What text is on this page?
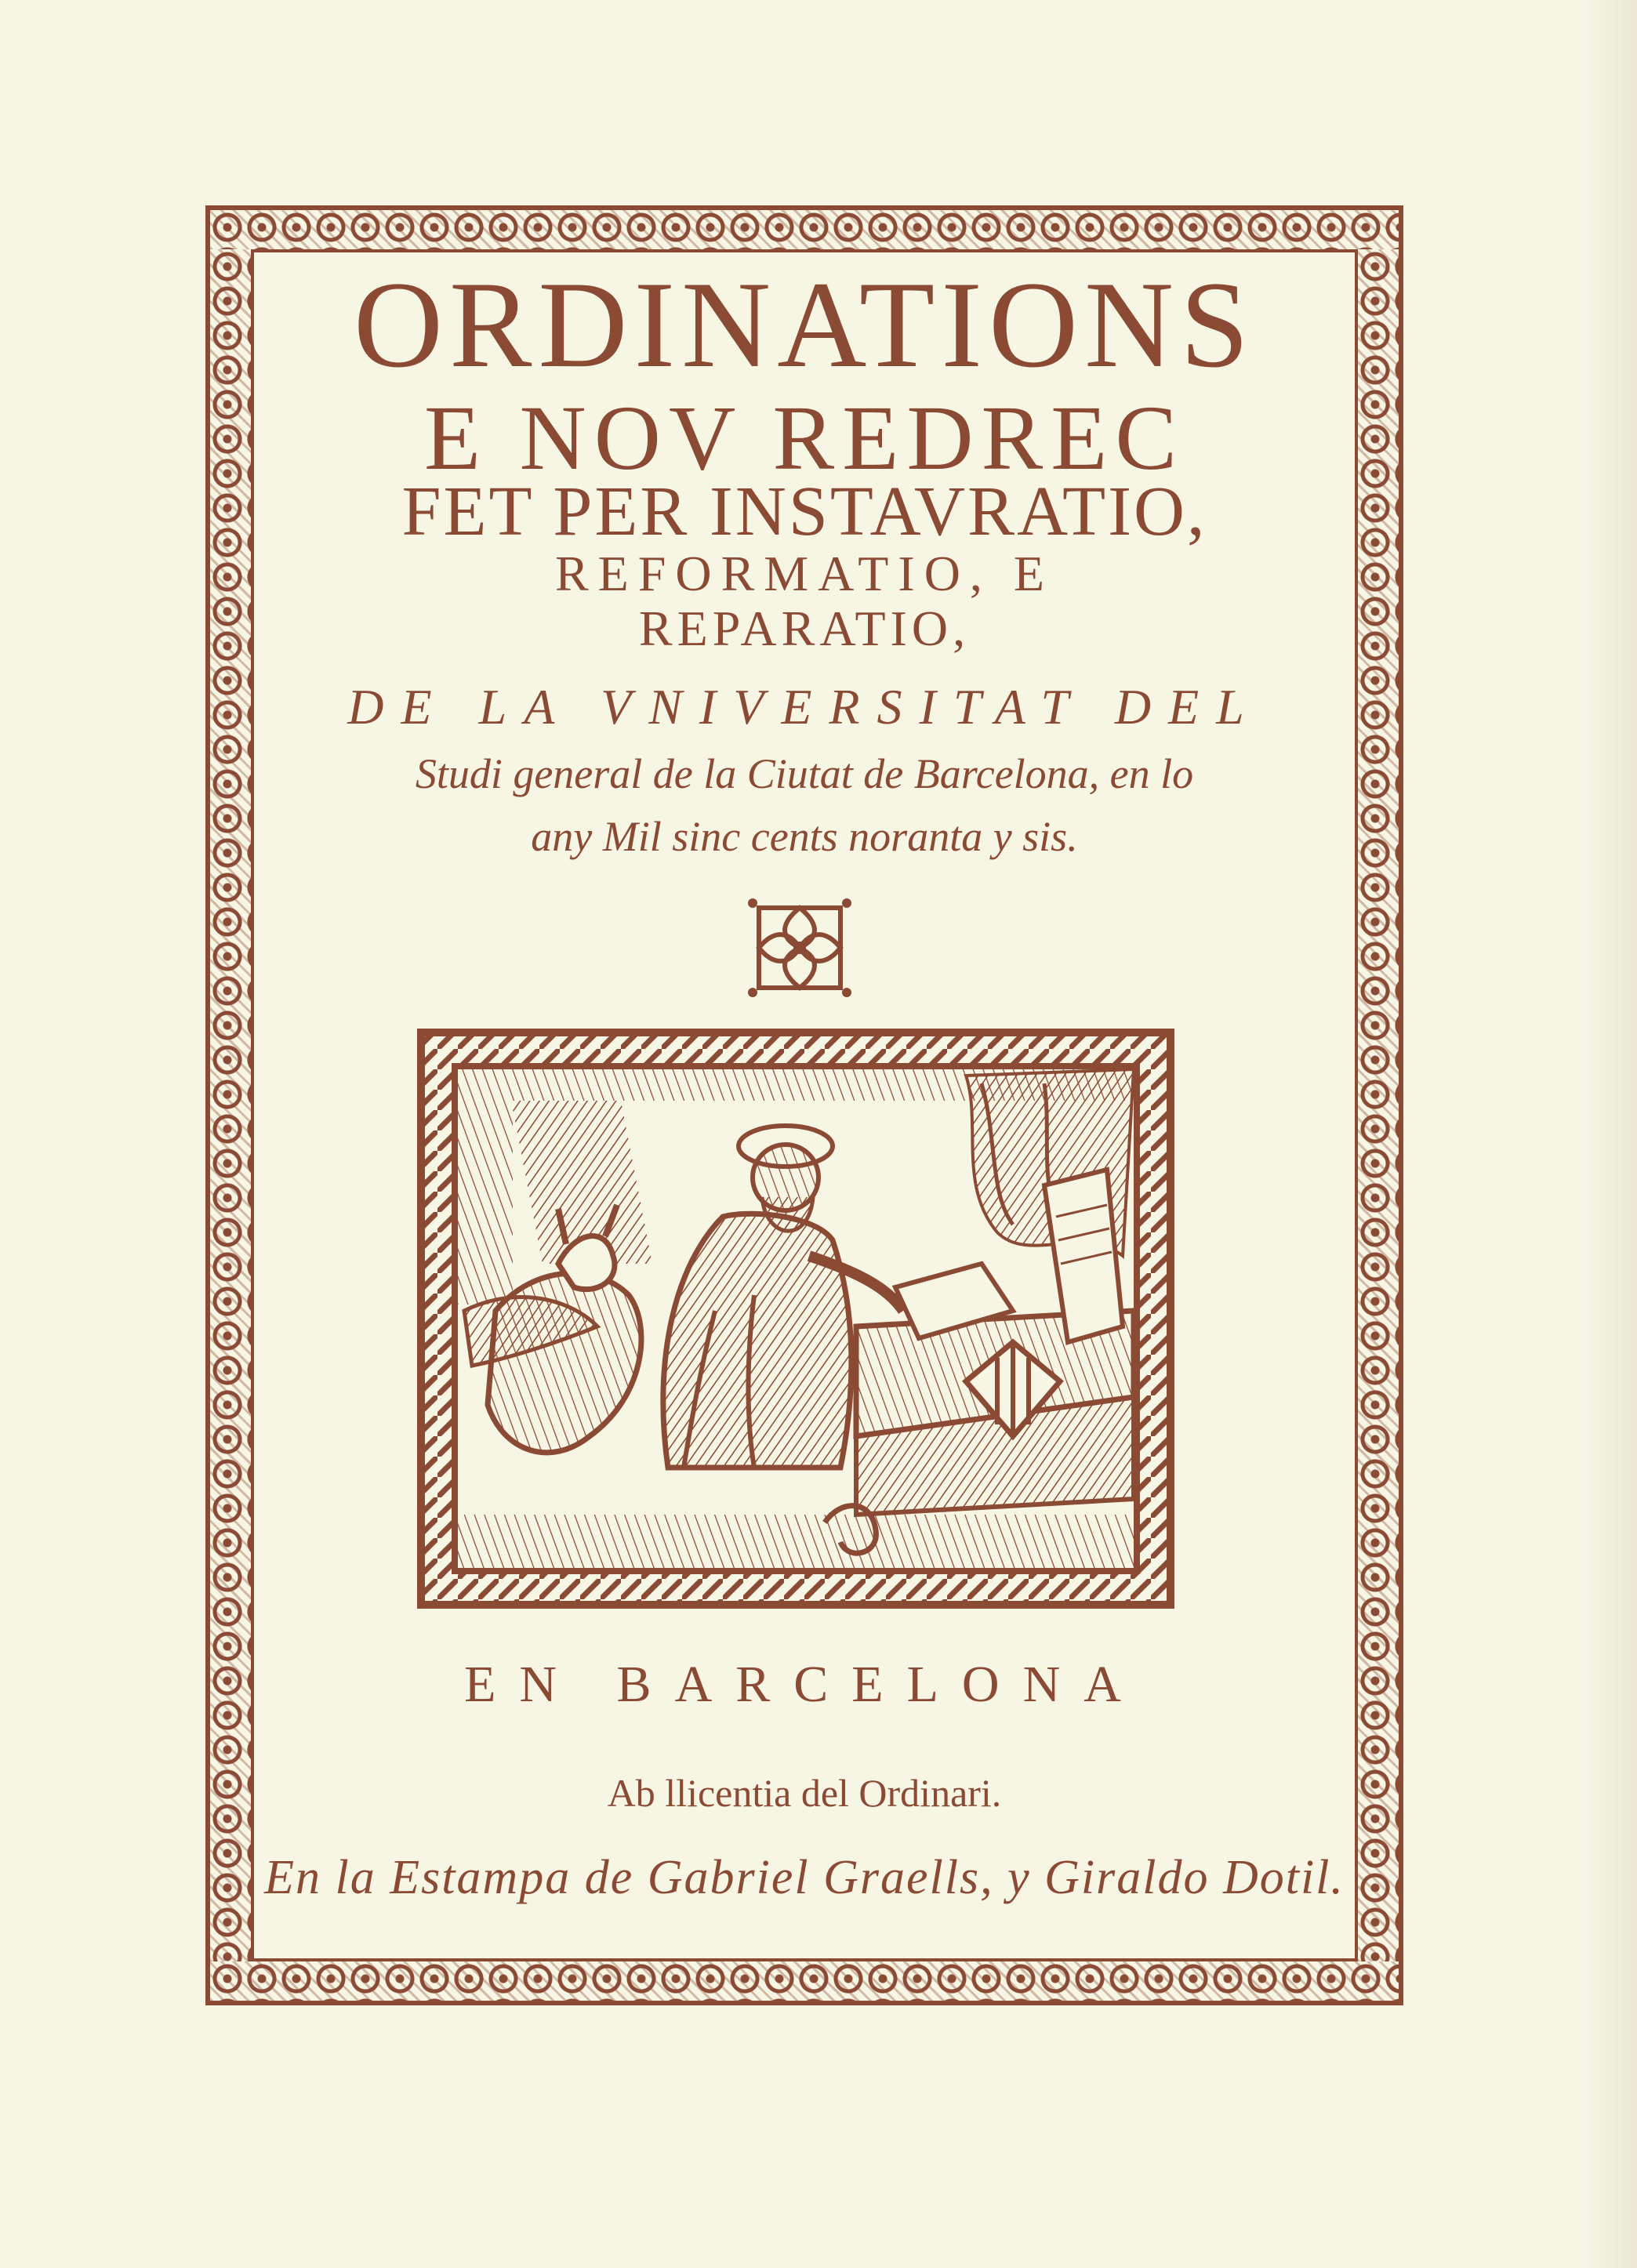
ORDINATIONS
E NOV REDREC
FET PER INSTAVRATIO,
REFORMATIO, E
REPARATIO,
DE LA VNIVERSITAT DEL
Studi general de la Ciutat de Barcelona, en lo
any Mil sinc cents noranta y sis.
EN BARCELONA
Ab llicentia del Ordinari.
En la Estampa de Gabriel Graells, y Giraldo Dotil.
